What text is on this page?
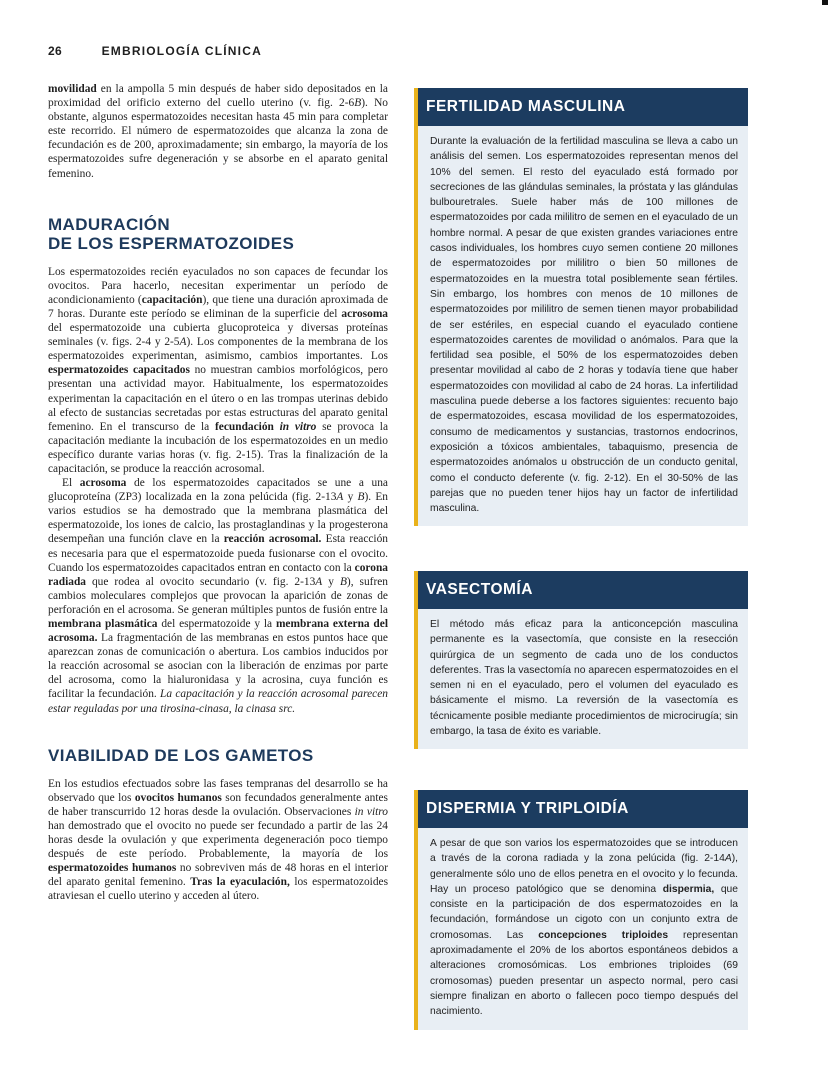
26	EMBRIOLOGÍA CLÍNICA

movilidad en la ampolla 5 min después de haber sido depositados en la proximidad del orificio externo del cuello uterino (v. fig. 2-6B). No obstante, algunos espermatozoides necesitan hasta 45 min para completar este recorrido. El número de espermatozoides que alcanza la zona de fecundación es de 200, aproximadamente; sin embargo, la mayoría de los espermatozoides sufre degeneración y se absorbe en el aparato genital femenino.

MADURACIÓN
DE LOS ESPERMATOZOIDES

Los espermatozoides recién eyaculados no son capaces de fecundar los ovocitos. Para hacerlo, necesitan experimentar un período de acondicionamiento (capacitación), que tiene una duración aproximada de 7 horas. Durante este período se eliminan de la superficie del acrosoma del espermatozoide una cubierta glucoproteica y diversas proteínas seminales (v. figs. 2-4 y 2-5A). Los componentes de la membrana de los espermatozoides experimentan, asimismo, cambios importantes. Los espermatozoides capacitados no muestran cambios morfológicos, pero presentan una actividad mayor. Habitualmente, los espermatozoides experimentan la capacitación en el útero o en las trompas uterinas debido al efecto de sustancias secretadas por estas estructuras del aparato genital femenino. En el transcurso de la fecundación in vitro se provoca la capacitación mediante la incubación de los espermatozoides en un medio específico durante varias horas (v. fig. 2-15). Tras la finalización de la capacitación, se produce la reacción acrosomal.

El acrosoma de los espermatozoides capacitados se une a una glucoproteína (ZP3) localizada en la zona pelúcida (fig. 2-13A y B). En varios estudios se ha demostrado que la membrana plasmática del espermatozoide, los iones de calcio, las prostaglandinas y la progesterona desempeñan una función clave en la reacción acrosomal. Esta reacción es necesaria para que el espermatozoide pueda fusionarse con el ovocito. Cuando los espermatozoides capacitados entran en contacto con la corona radiada que rodea al ovocito secundario (v. fig. 2-13A y B), sufren cambios moleculares complejos que provocan la aparición de zonas de perforación en el acrosoma. Se generan múltiples puntos de fusión entre la membrana plasmática del espermatozoide y la membrana externa del acrosoma. La fragmentación de las membranas en estos puntos hace que aparezcan zonas de comunicación o abertura. Los cambios inducidos por la reacción acrosomal se asocian con la liberación de enzimas por parte del acrosoma, como la hialuronidasa y la acrosina, cuya función es facilitar la fecundación. La capacitación y la reacción acrosomal parecen estar reguladas por una tirosina-cinasa, la cinasa src.

VIABILIDAD DE LOS GAMETOS

En los estudios efectuados sobre las fases tempranas del desarrollo se ha observado que los ovocitos humanos son fecundados generalmente antes de haber transcurrido 12 horas desde la ovulación. Observaciones in vitro han demostrado que el ovocito no puede ser fecundado a partir de las 24 horas desde la ovulación y que experimenta degeneración poco tiempo después de este período. Probablemente, la mayoría de los espermatozoides humanos no sobreviven más de 48 horas en el interior del aparato genital femenino. Tras la eyaculación, los espermatozoides atraviesan el cuello uterino y acceden al útero.

FERTILIDAD MASCULINA

Durante la evaluación de la fertilidad masculina se lleva a cabo un análisis del semen. Los espermatozoides representan menos del 10% del semen. El resto del eyaculado está formado por secreciones de las glándulas seminales, la próstata y las glándulas bulbouretrales. Suele haber más de 100 millones de espermatozoides por cada mililitro de semen en el eyaculado de un hombre normal. A pesar de que existen grandes variaciones entre casos individuales, los hombres cuyo semen contiene 20 millones de espermatozoides por mililitro o bien 50 millones de espermatozoides en la muestra total posiblemente sean fértiles. Sin embargo, los hombres con menos de 10 millones de espermatozoides por mililitro de semen tienen mayor probabilidad de ser estériles, en especial cuando el eyaculado contiene espermatozoides carentes de movilidad o anómalos. Para que la fertilidad sea posible, el 50% de los espermatozoides deben presentar movilidad al cabo de 2 horas y todavía tiene que haber espermatozoides con movilidad al cabo de 24 horas. La infertilidad masculina puede deberse a los factores siguientes: recuento bajo de espermatozoides, escasa movilidad de los espermatozoides, consumo de medicamentos y sustancias, trastornos endocrinos, exposición a tóxicos ambientales, tabaquismo, presencia de espermatozoides anómalos u obstrucción de un conducto genital, como el conducto deferente (v. fig. 2-12). En el 30-50% de las parejas que no pueden tener hijos hay un factor de infertilidad masculina.

VASECTOMÍA

El método más eficaz para la anticoncepción masculina permanente es la vasectomía, que consiste en la resección quirúrgica de un segmento de cada uno de los conductos deferentes. Tras la vasectomía no aparecen espermatozoides en el semen ni en el eyaculado, pero el volumen del eyaculado es básicamente el mismo. La reversión de la vasectomía es técnicamente posible mediante procedimientos de microcirugía; sin embargo, la tasa de éxito es variable.

DISPERMIA Y TRIPLOIDÍA

A pesar de que son varios los espermatozoides que se introducen a través de la corona radiada y la zona pelúcida (fig. 2-14A), generalmente sólo uno de ellos penetra en el ovocito y lo fecunda. Hay un proceso patológico que se denomina dispermia, que consiste en la participación de dos espermatozoides en la fecundación, formándose un cigoto con un conjunto extra de cromosomas. Las concepciones triploides representan aproximadamente el 20% de los abortos espontáneos debidos a alteraciones cromosómicas. Los embriones triploides (69 cromosomas) pueden presentar un aspecto normal, pero casi siempre finalizan en aborto o fallecen poco tiempo después del nacimiento.
